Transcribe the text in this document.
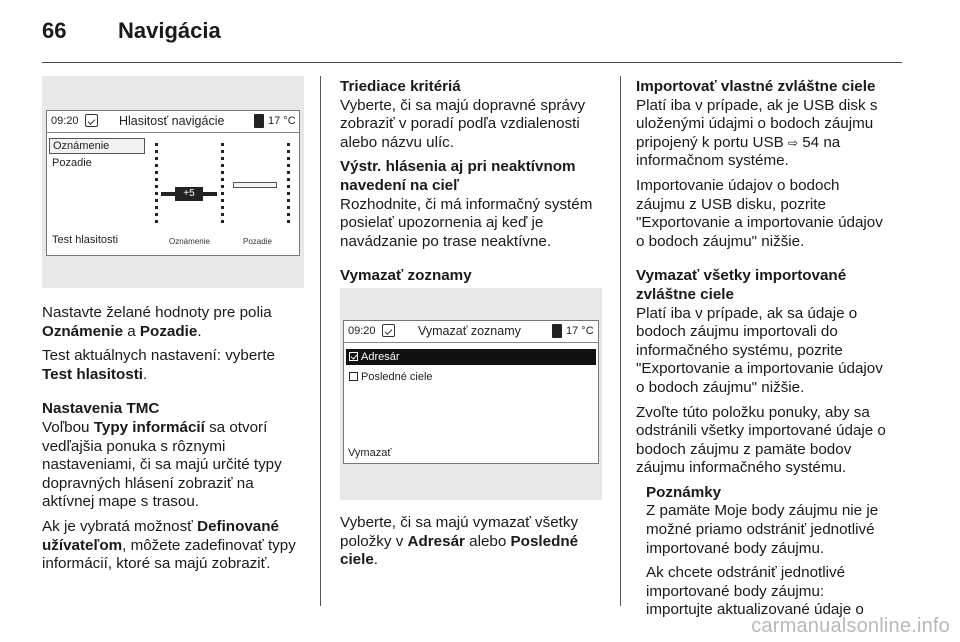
66 Navigácia
09:20	Hlasitosť navigácie	17 °C
Oznámenie
Pozadie
Test hlasitosti
+5
Oznámenie	Pozadie

Nastavte želané hodnoty pre polia
Oznámenie a Pozadie.

Test aktuálnych nastavení: vyberte
Test hlasitosti.

Nastavenia TMC

Voľbou Typy informácií sa otvorí
vedľajšia ponuka s rôznymi
nastaveniami, či sa majú určité typy
dopravných hlásení zobraziť na
aktívnej mape s trasou.

Ak je vybratá možnosť Definované
užívateľom, môžete zadefinovať typy
informácií, ktoré sa majú zobraziť.

Triediace kritériá

Vyberte, či sa majú dopravné správy
zobraziť v poradí podľa vzdialenosti
alebo názvu ulíc.

Výstr. hlásenia aj pri neaktívnom
navedení na cieľ

Rozhodnite, či má informačný systém
posielať upozornenia aj keď je
navádzanie po trase neaktívne.

Vymazať zoznamy
09:20	Vymazať zoznamy	17 °C
Adresár
Posledné ciele
Vymazať

Vyberte, či sa majú vymazať všetky
položky v Adresár alebo Posledné
ciele.

Importovať vlastné zvláštne ciele

Platí iba v prípade, ak je USB disk s
uloženými údajmi o bodoch záujmu
pripojený k portu USB ⇨ 54 na
informačnom systéme.

Importovanie údajov o bodoch
záujmu z USB disku, pozrite
"Exportovanie a importovanie údajov
o bodoch záujmu" nižšie.

Vymazať všetky importované
zvláštne ciele

Platí iba v prípade, ak sa údaje o
bodoch záujmu importovali do
informačného systému, pozrite
"Exportovanie a importovanie údajov
o bodoch záujmu" nižšie.

Zvoľte túto položku ponuky, aby sa
odstránili všetky importované údaje o
bodoch záujmu z pamäte bodov
záujmu informačného systému.

Poznámky

Z pamäte Moje body záujmu nie je
možné priamo odstrániť jednotlivé
importované body záujmu.

Ak chcete odstrániť jednotlivé
importované body záujmu:
importujte aktualizované údaje o

carmanualsonline.info
